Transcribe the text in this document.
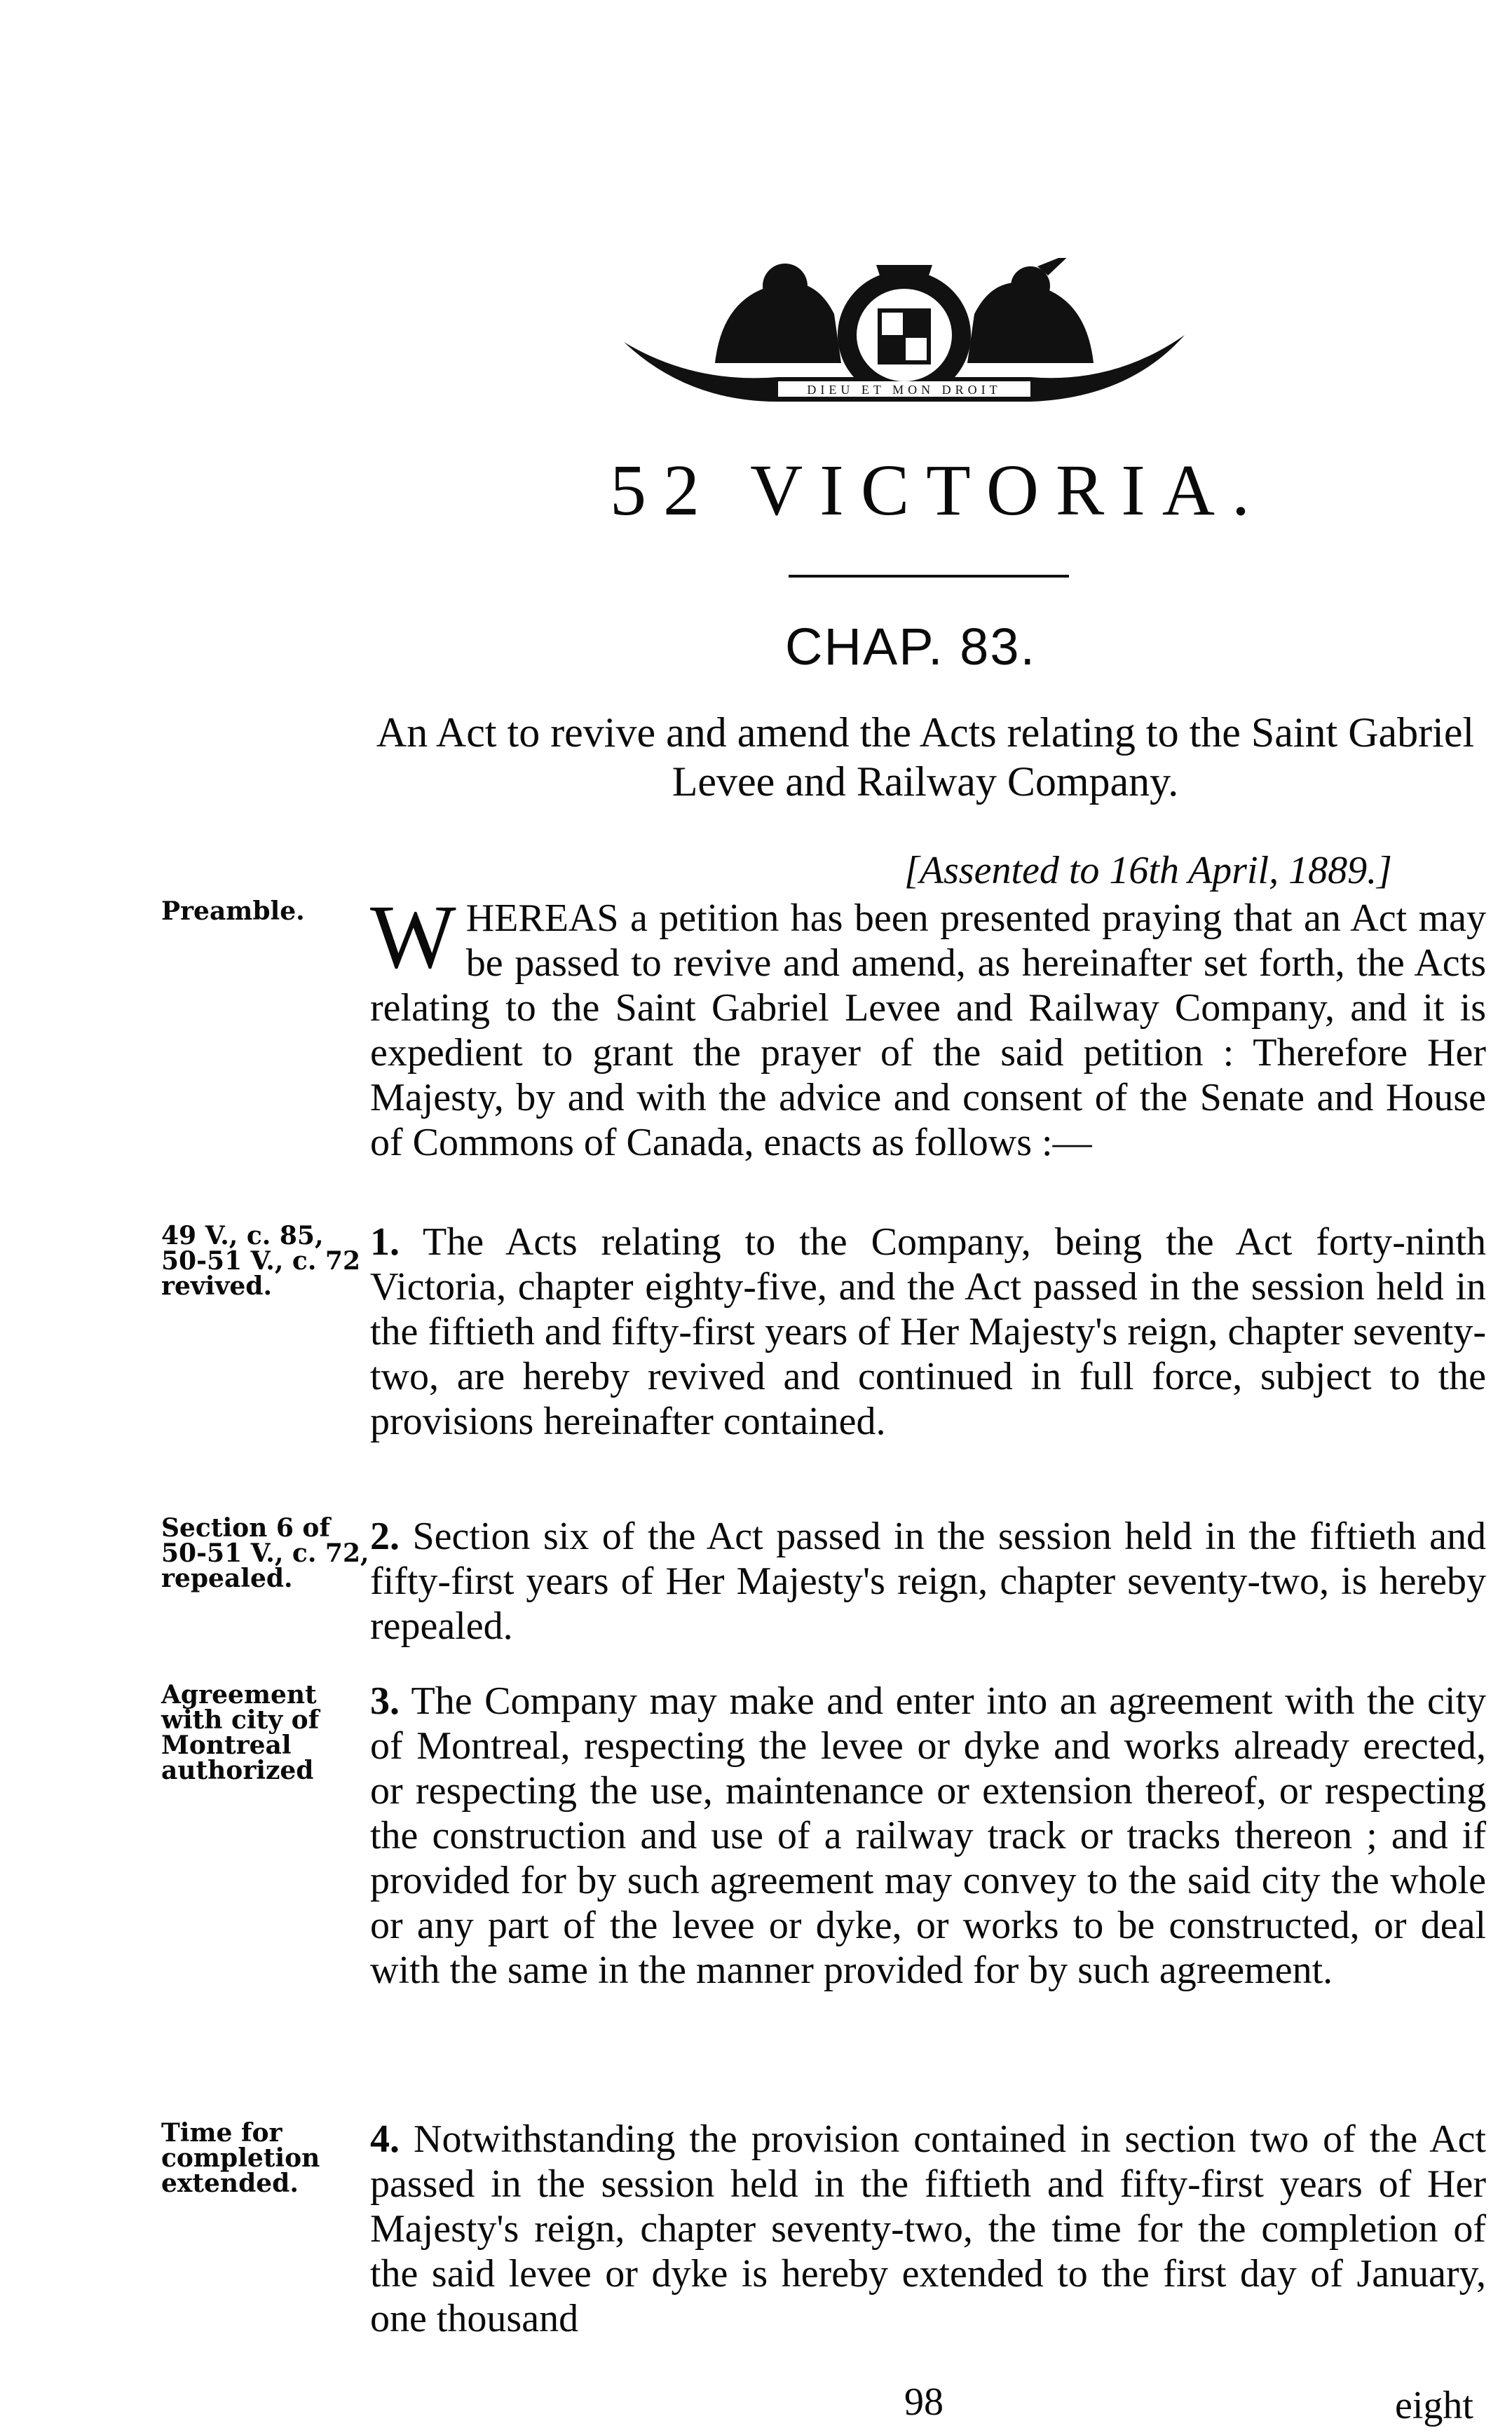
DIEU ET MON DROIT
52 VICTORIA.
CHAP. 83.
An Act to revive and amend the Acts relating to the Saint Gabriel Levee and Railway Company.
[Assented to 16th April, 1889.]
Preamble. WHEREAS a petition has been presented praying that an Act may be passed to revive and amend, as hereinafter set forth, the Acts relating to the Saint Gabriel Levee and Railway Company, and it is expedient to grant the prayer of the said petition : Therefore Her Majesty, by and with the advice and consent of the Senate and House of Commons of Canada, enacts as follows :—
49 V., c. 85, 50-51 V., c. 72 revived.
1. The Acts relating to the Company, being the Act forty-ninth Victoria, chapter eighty-five, and the Act passed in the session held in the fiftieth and fifty-first years of Her Majesty's reign, chapter seventy-two, are hereby revived and continued in full force, subject to the provisions hereinafter contained.
Section 6 of 50-51 V., c. 72, repealed.
2. Section six of the Act passed in the session held in the fiftieth and fifty-first years of Her Majesty's reign, chapter seventy-two, is hereby repealed.
Agreement with city of Montreal authorized
3. The Company may make and enter into an agreement with the city of Montreal, respecting the levee or dyke and works already erected, or respecting the use, maintenance or extension thereof, or respecting the construction and use of a railway track or tracks thereon ; and if provided for by such agreement may convey to the said city the whole or any part of the levee or dyke, or works to be constructed, or deal with the same in the manner provided for by such agreement.
Time for completion extended.
4. Notwithstanding the provision contained in section two of the Act passed in the session held in the fiftieth and fifty-first years of Her Majesty's reign, chapter seventy-two, the time for the completion of the said levee or dyke is hereby extended to the first day of January, one thousand
98	eight
